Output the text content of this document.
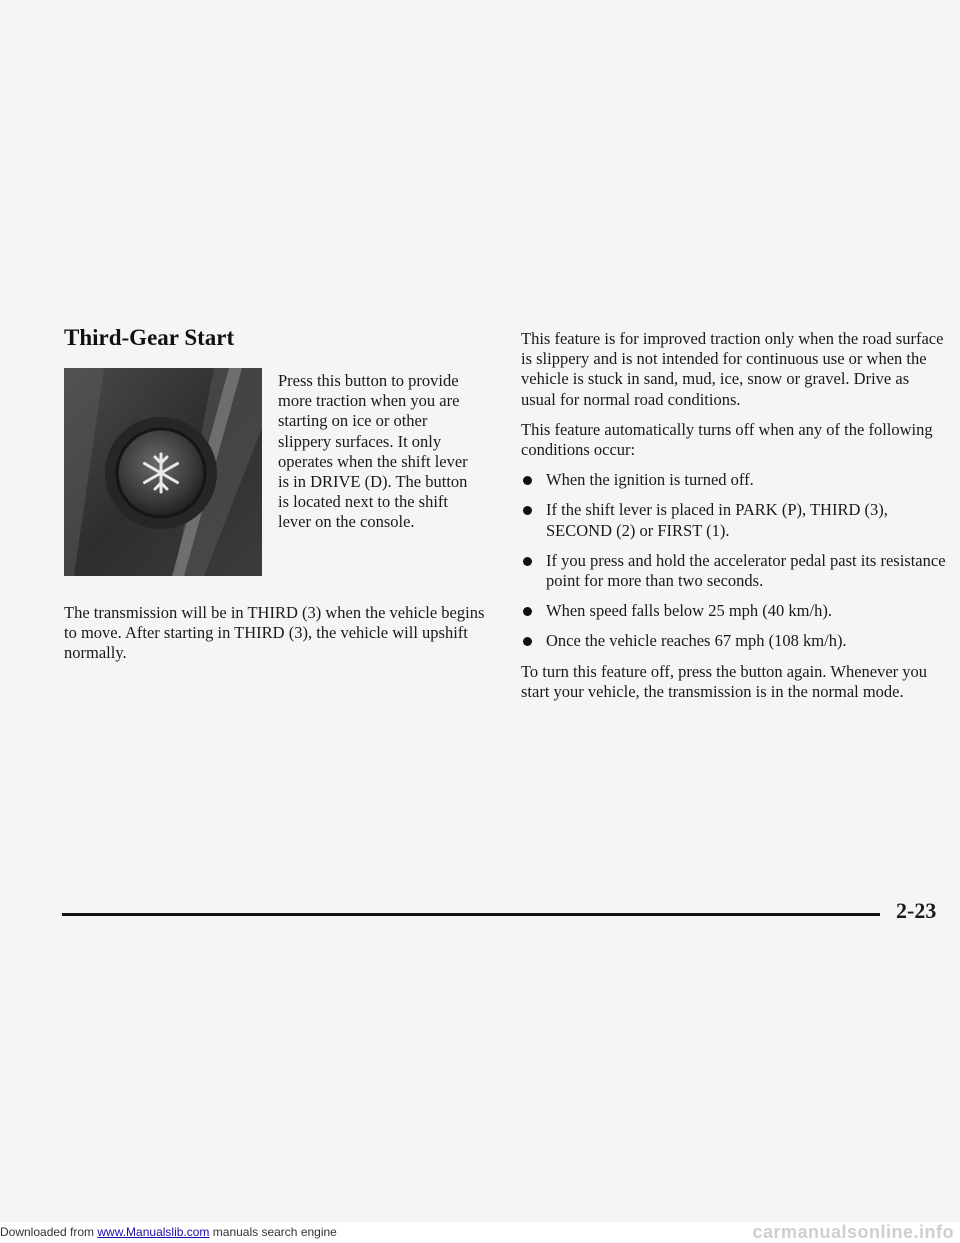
Third-Gear Start
Press this button to provide more traction when you are starting on ice or other slippery surfaces. It only operates when the shift lever is in DRIVE (D). The button is located next to the shift lever on the console.
The transmission will be in THIRD (3) when the vehicle begins to move. After starting in THIRD (3), the vehicle will upshift normally.

This feature is for improved traction only when the road surface is slippery and is not intended for continuous use or when the vehicle is stuck in sand, mud, ice, snow or gravel. Drive as usual for normal road conditions.

This feature automatically turns off when any of the following conditions occur:

When the ignition is turned off.
If the shift lever is placed in PARK (P), THIRD (3), SECOND (2) or FIRST (1).
If you press and hold the accelerator pedal past its resistance point for more than two seconds.
When speed falls below 25 mph (40 km/h).
Once the vehicle reaches 67 mph (108 km/h).

To turn this feature off, press the button again. Whenever you start your vehicle, the transmission is in the normal mode.

2-23
Downloaded from www.Manualslib.com manuals search engine	carmanualsonline.info
